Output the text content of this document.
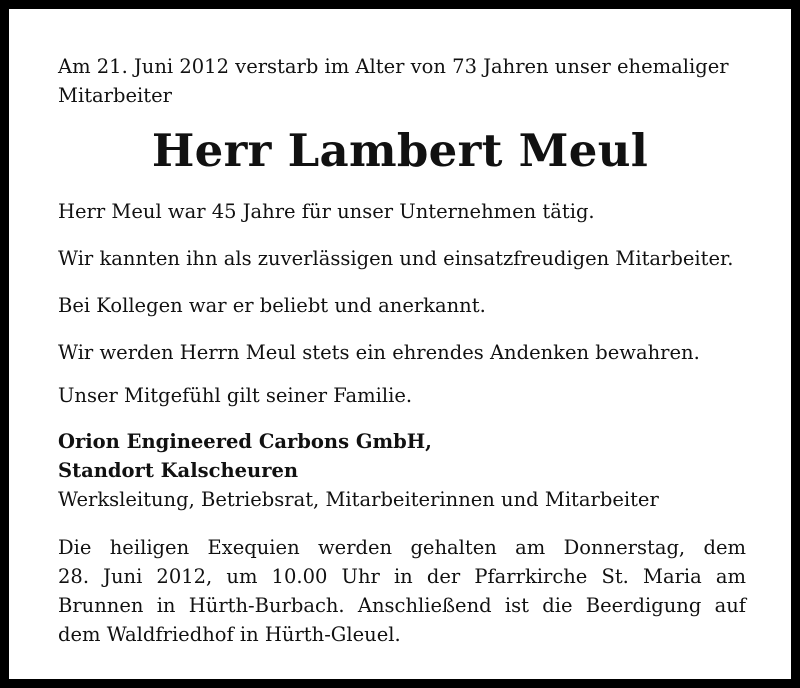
Am 21. Juni 2012 verstarb im Alter von 73 Jahren unser ehemaliger
Mitarbeiter

Herr Lambert Meul

Herr Meul war 45 Jahre für unser Unternehmen tätig.

Wir kannten ihn als zuverlässigen und einsatzfreudigen Mitarbeiter.

Bei Kollegen war er beliebt und anerkannt.

Wir werden Herrn Meul stets ein ehrendes Andenken bewahren.

Unser Mitgefühl gilt seiner Familie.

Orion Engineered Carbons GmbH,
Standort Kalscheuren

Werksleitung, Betriebsrat, Mitarbeiterinnen und Mitarbeiter

Die heiligen Exequien werden gehalten am Donnerstag, dem
28. Juni 2012, um 10.00 Uhr in der Pfarrkirche St. Maria am
Brunnen in Hürth-Burbach. Anschließend ist die Beerdigung auf
dem Waldfriedhof in Hürth-Gleuel.
